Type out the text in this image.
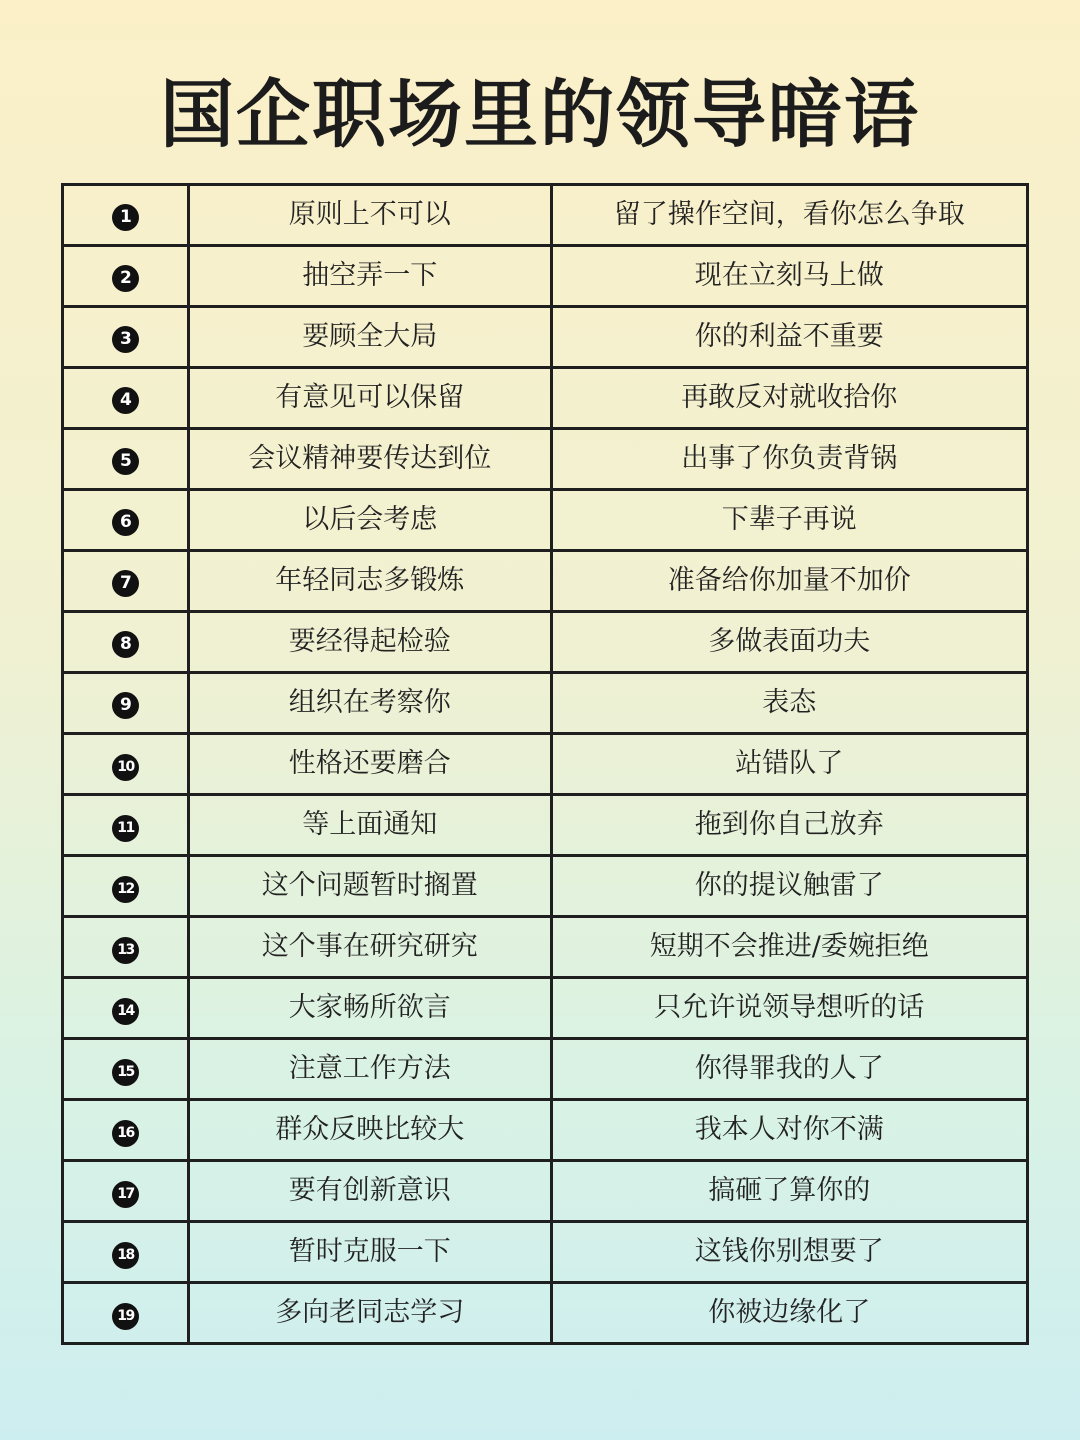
国企职场里的领导暗语
1	原则上不可以	留了操作空间，看你怎么争取
2	抽空弄一下	现在立刻马上做
3	要顾全大局	你的利益不重要
4	有意见可以保留	再敢反对就收拾你
5	会议精神要传达到位	出事了你负责背锅
6	以后会考虑	下辈子再说
7	年轻同志多锻炼	准备给你加量不加价
8	要经得起检验	多做表面功夫
9	组织在考察你	表态
10	性格还要磨合	站错队了
11	等上面通知	拖到你自己放弃
12	这个问题暂时搁置	你的提议触雷了
13	这个事在研究研究	短期不会推进/委婉拒绝
14	大家畅所欲言	只允许说领导想听的话
15	注意工作方法	你得罪我的人了
16	群众反映比较大	我本人对你不满
17	要有创新意识	搞砸了算你的
18	暂时克服一下	这钱你别想要了
19	多向老同志学习	你被边缘化了
